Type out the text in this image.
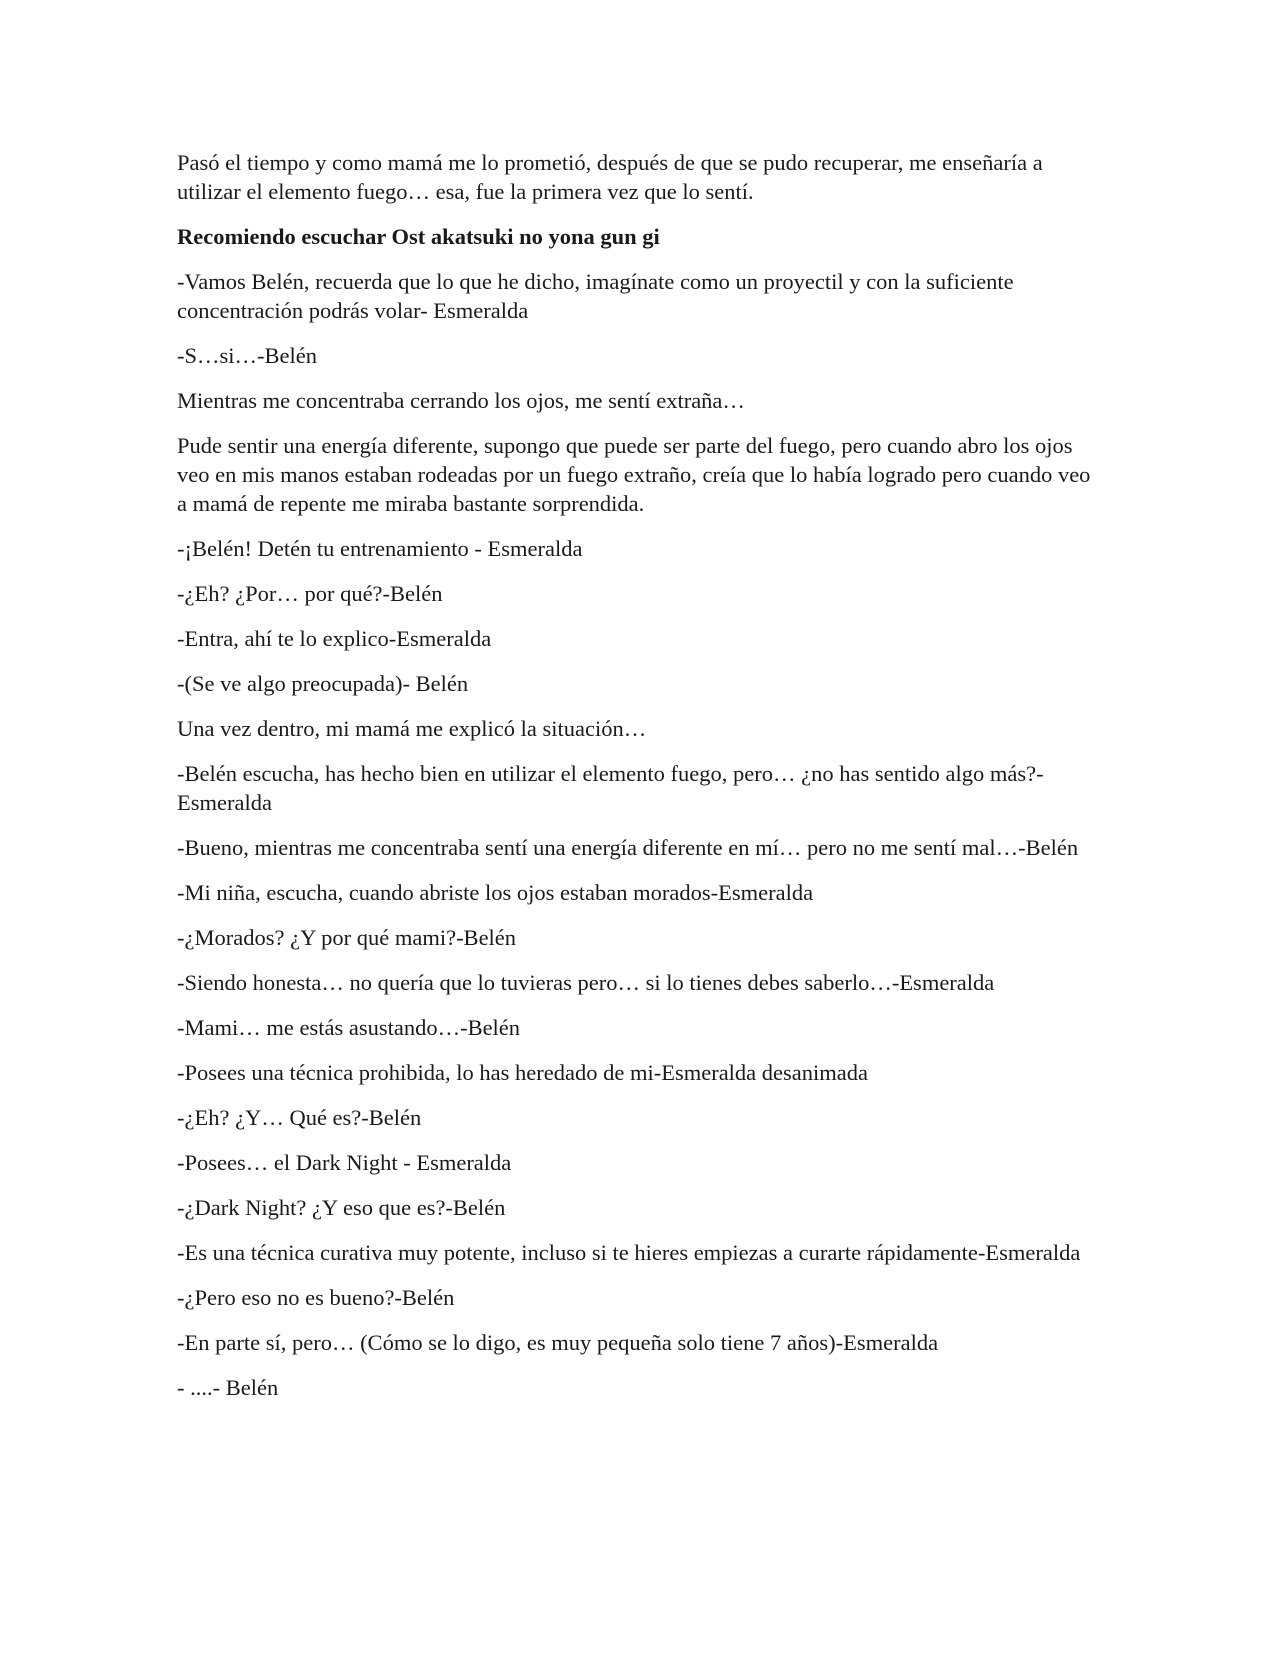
Pasó el tiempo y como mamá me lo prometió, después de que se pudo recuperar, me enseñaría a utilizar el elemento fuego… esa, fue la primera vez que lo sentí.

Recomiendo escuchar Ost akatsuki no yona gun gi

-Vamos Belén, recuerda que lo que he dicho, imagínate como un proyectil y con la suficiente concentración podrás volar- Esmeralda

-S…si…-Belén

Mientras me concentraba cerrando los ojos, me sentí extraña…

Pude sentir una energía diferente, supongo que puede ser parte del fuego, pero cuando abro los ojos veo en mis manos estaban rodeadas por un fuego extraño, creía que lo había logrado pero cuando veo a mamá de repente me miraba bastante sorprendida.

-¡Belén! Detén tu entrenamiento - Esmeralda

-¿Eh? ¿Por… por qué?-Belén

-Entra, ahí te lo explico-Esmeralda

-(Se ve algo preocupada)- Belén

Una vez dentro, mi mamá me explicó la situación…

-Belén escucha, has hecho bien en utilizar el elemento fuego, pero… ¿no has sentido algo más?-Esmeralda

-Bueno, mientras me concentraba sentí una energía diferente en mí… pero no me sentí mal…-Belén

-Mi niña, escucha, cuando abriste los ojos estaban morados-Esmeralda

-¿Morados? ¿Y por qué mami?-Belén

-Siendo honesta… no quería que lo tuvieras pero… si lo tienes debes saberlo…-Esmeralda

-Mami… me estás asustando…-Belén

-Posees una técnica prohibida, lo has heredado de mi-Esmeralda desanimada

-¿Eh? ¿Y… Qué es?-Belén

-Posees… el Dark Night - Esmeralda

-¿Dark Night? ¿Y eso que es?-Belén

-Es una técnica curativa muy potente, incluso si te hieres empiezas a curarte rápidamente-Esmeralda

-¿Pero eso no es bueno?-Belén

-En parte sí, pero… (Cómo se lo digo, es muy pequeña solo tiene 7 años)-Esmeralda

- ....- Belén
